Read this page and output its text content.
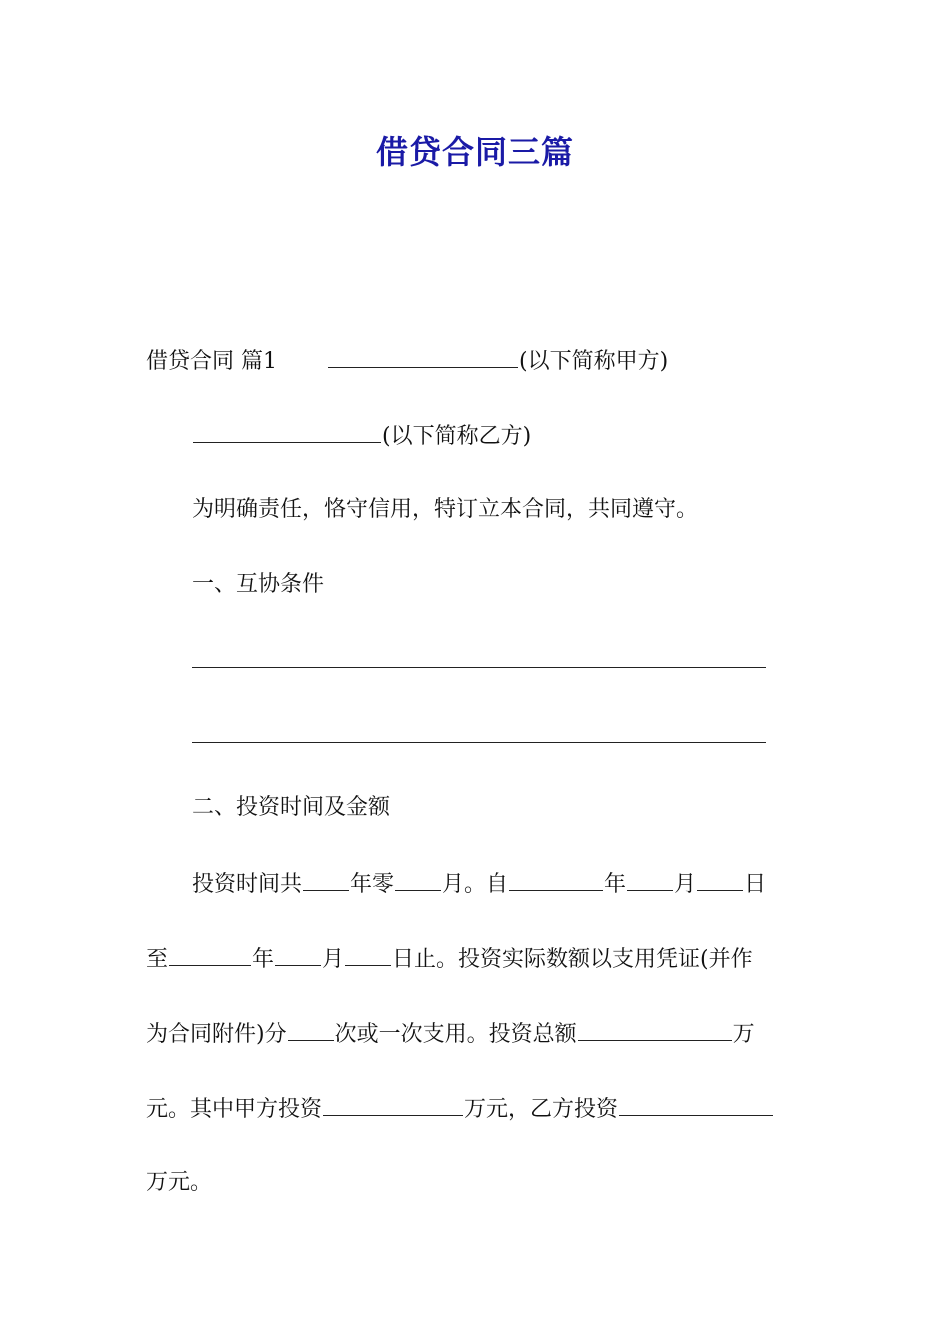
借贷合同三篇
借贷合同 篇1	(以下简称甲方)
(以下简称乙方)
为明确责任，恪守信用，特订立本合同，共同遵守。
一、互协条件
二、投资时间及金额
投资时间共 年零 月。自	年 月 日
至	年 月 日止。投资实际数额以支用凭证(并作
为合同附件)分 次或一次支用。投资总额	万
元。其中甲方投资	万元，乙方投资
万元。
